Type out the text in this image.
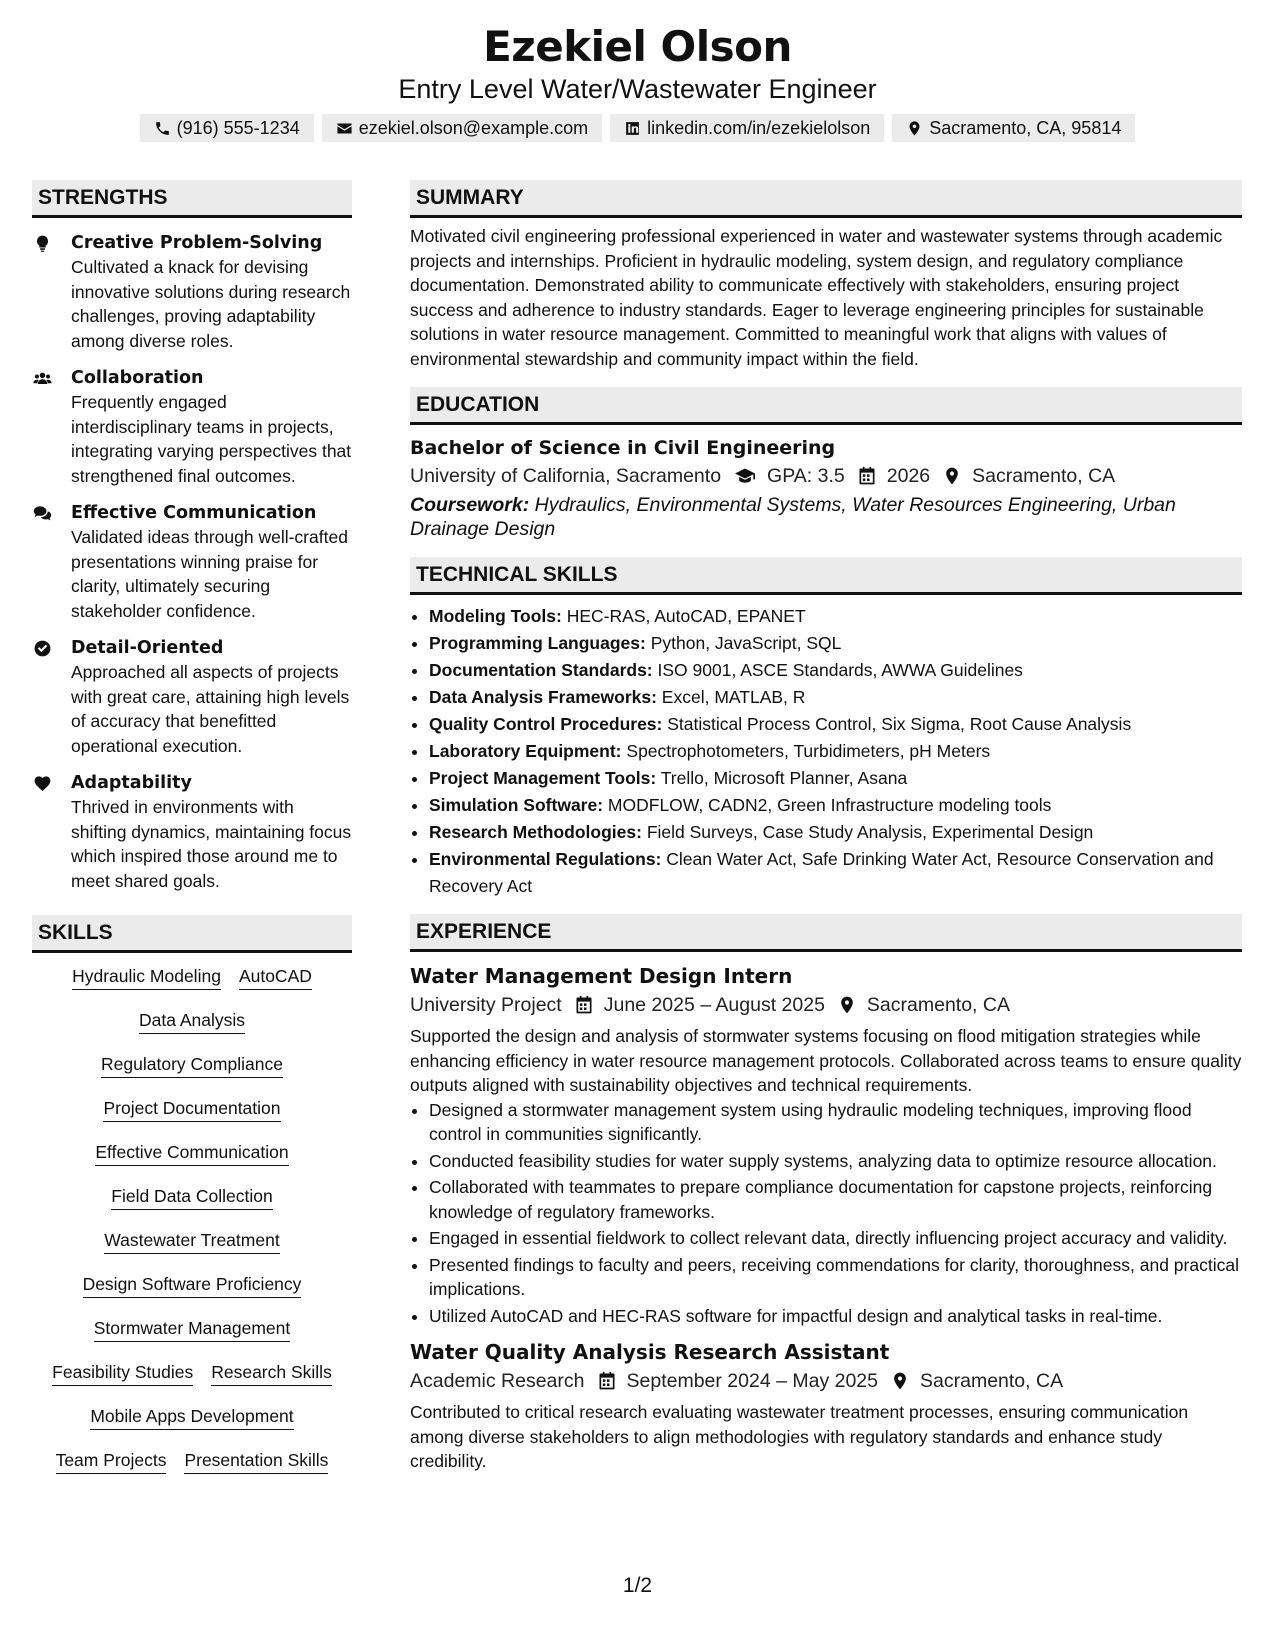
Ezekiel Olson
Entry Level Water/Wastewater Engineer
(916) 555-1234	ezekiel.olson@example.com	linkedin.com/in/ezekielolson	Sacramento, CA, 95814
STRENGTHS
Creative Problem-Solving
Cultivated a knack for devising innovative solutions during research challenges, proving adaptability among diverse roles.
Collaboration
Frequently engaged interdisciplinary teams in projects, integrating varying perspectives that strengthened final outcomes.
Effective Communication
Validated ideas through well-crafted presentations winning praise for clarity, ultimately securing stakeholder confidence.
Detail-Oriented
Approached all aspects of projects with great care, attaining high levels of accuracy that benefitted operational execution.
Adaptability
Thrived in environments with shifting dynamics, maintaining focus which inspired those around me to meet shared goals.
SKILLS
Hydraulic Modeling AutoCAD
Data Analysis
Regulatory Compliance
Project Documentation
Effective Communication
Field Data Collection
Wastewater Treatment
Design Software Proficiency
Stormwater Management
Feasibility Studies Research Skills
Mobile Apps Development
Team Projects Presentation Skills
SUMMARY
Motivated civil engineering professional experienced in water and wastewater systems through academic projects and internships. Proficient in hydraulic modeling, system design, and regulatory compliance documentation. Demonstrated ability to communicate effectively with stakeholders, ensuring project success and adherence to industry standards. Eager to leverage engineering principles for sustainable solutions in water resource management. Committed to meaningful work that aligns with values of environmental stewardship and community impact within the field.
EDUCATION
Bachelor of Science in Civil Engineering
University of California, Sacramento GPA: 3.5 2026 Sacramento, CA
Coursework: Hydraulics, Environmental Systems, Water Resources Engineering, Urban Drainage Design
TECHNICAL SKILLS
• Modeling Tools: HEC-RAS, AutoCAD, EPANET
• Programming Languages: Python, JavaScript, SQL
• Documentation Standards: ISO 9001, ASCE Standards, AWWA Guidelines
• Data Analysis Frameworks: Excel, MATLAB, R
• Quality Control Procedures: Statistical Process Control, Six Sigma, Root Cause Analysis
• Laboratory Equipment: Spectrophotometers, Turbidimeters, pH Meters
• Project Management Tools: Trello, Microsoft Planner, Asana
• Simulation Software: MODFLOW, CADN2, Green Infrastructure modeling tools
• Research Methodologies: Field Surveys, Case Study Analysis, Experimental Design
• Environmental Regulations: Clean Water Act, Safe Drinking Water Act, Resource Conservation and Recovery Act
EXPERIENCE
Water Management Design Intern
University Project June 2025 – August 2025 Sacramento, CA
Supported the design and analysis of stormwater systems focusing on flood mitigation strategies while enhancing efficiency in water resource management protocols. Collaborated across teams to ensure quality outputs aligned with sustainability objectives and technical requirements.
• Designed a stormwater management system using hydraulic modeling techniques, improving flood control in communities significantly.
• Conducted feasibility studies for water supply systems, analyzing data to optimize resource allocation.
• Collaborated with teammates to prepare compliance documentation for capstone projects, reinforcing knowledge of regulatory frameworks.
• Engaged in essential fieldwork to collect relevant data, directly influencing project accuracy and validity.
• Presented findings to faculty and peers, receiving commendations for clarity, thoroughness, and practical implications.
• Utilized AutoCAD and HEC-RAS software for impactful design and analytical tasks in real-time.
Water Quality Analysis Research Assistant
Academic Research September 2024 – May 2025 Sacramento, CA
Contributed to critical research evaluating wastewater treatment processes, ensuring communication among diverse stakeholders to align methodologies with regulatory standards and enhance study credibility.
1/2
